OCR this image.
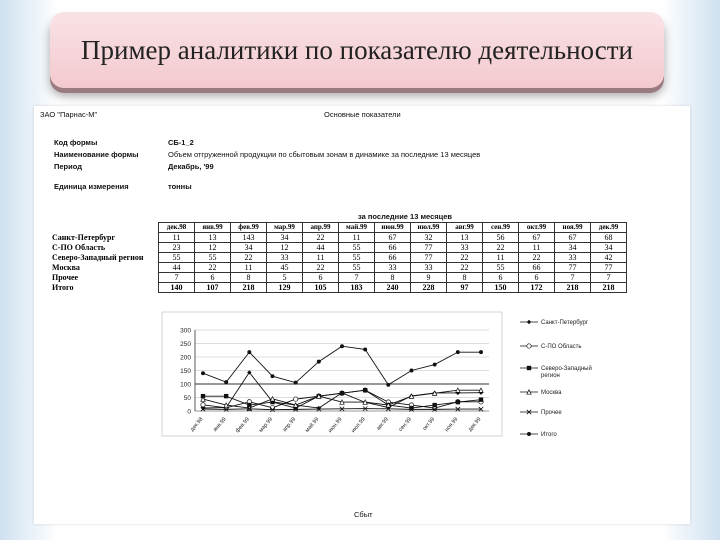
Пример аналитики по показателю деятельности
ЗАО "Парнас-М"	Основные показатели
Код формы	СБ-1_2
Наименование формы	Объем отгруженной продукции по сбытовым зонам в динамике за последние 13 месяцев
Период	Декабрь, '99
Единица измерения	тонны
за последние 13 месяцев
	дек.98	янв.99	фев.99	мар.99	апр.99	май.99	июн.99	июл.99	авг.99	сен.99	окт.99	ноя.99	дек.99
Санкт-Петербург	11	13	143	34	22	11	67	32	13	56	67	67	68
С-ПО Область	23	12	34	12	44	55	66	77	33	22	11	34	34
Северо-Западный регион	55	55	22	33	11	55	66	77	22	11	22	33	42
Москва	44	22	11	45	22	55	33	33	22	55	66	77	77
Прочее	7	6	8	5	6	7	8	9	8	6	6	7	7
Итого	140	107	218	129	105	183	240	228	97	150	172	218	218
Сбыт
0
50
100
150
200
250
300
дек.98 янв.99 фев.99 мар.99 апр.99 май.99 июн.99 июл.99 авг.99 сен.99 окт.99 ноя.99 дек.99
Санкт-Петербург
С-ПО Область
Северо-Западный регион
Москва
Прочее
Итого
